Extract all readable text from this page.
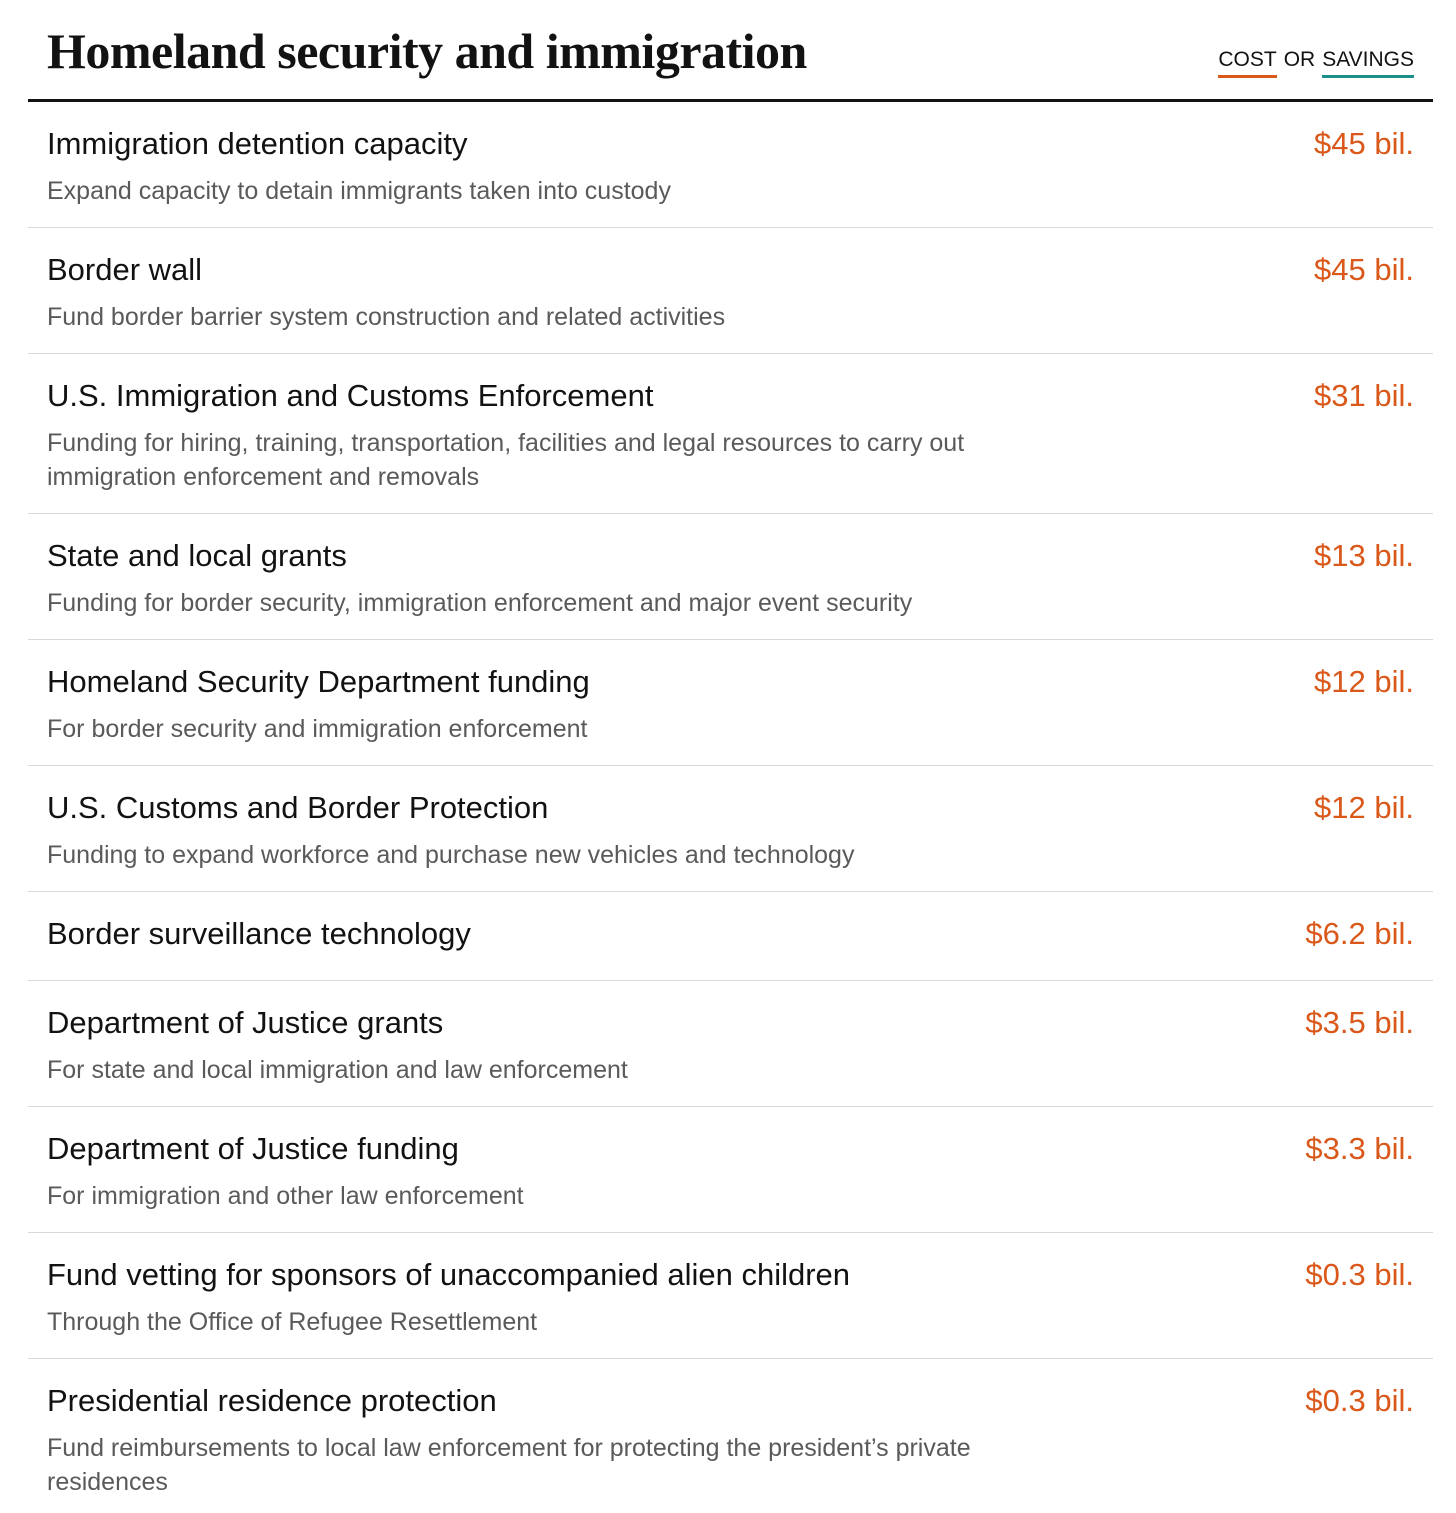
Homeland security and immigration	COST OR SAVINGS
Immigration detention capacity
Expand capacity to detain immigrants taken into custody
$45 bil.
Border wall
Fund border barrier system construction and related activities
$45 bil.
U.S. Immigration and Customs Enforcement
Funding for hiring, training, transportation, facilities and legal resources to carry out immigration enforcement and removals
$31 bil.
State and local grants
Funding for border security, immigration enforcement and major event security
$13 bil.
Homeland Security Department funding
For border security and immigration enforcement
$12 bil.
U.S. Customs and Border Protection
Funding to expand workforce and purchase new vehicles and technology
$12 bil.
Border surveillance technology	$6.2 bil.
Department of Justice grants
For state and local immigration and law enforcement
$3.5 bil.
Department of Justice funding
For immigration and other law enforcement
$3.3 bil.
Fund vetting for sponsors of unaccompanied alien children
Through the Office of Refugee Resettlement
$0.3 bil.
Presidential residence protection
Fund reimbursements to local law enforcement for protecting the president’s private residences
$0.3 bil.
